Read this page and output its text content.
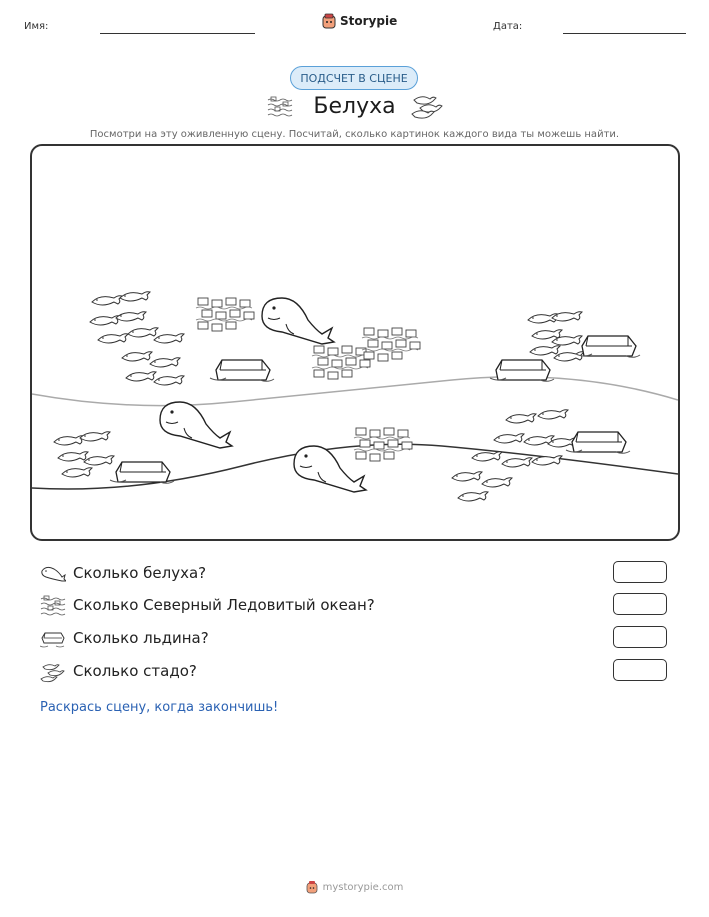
Имя:	Storypie	Дата:
ПОДСЧЕТ В СЦЕНЕ
Белуха
Посмотри на эту оживленную сцену. Посчитай, сколько картинок каждого вида ты можешь найти.
Сколько белуха?
Сколько Северный Ледовитый океан?
Сколько льдина?
Сколько стадо?
Раскрась сцену, когда закончишь!
mystorypie.com
